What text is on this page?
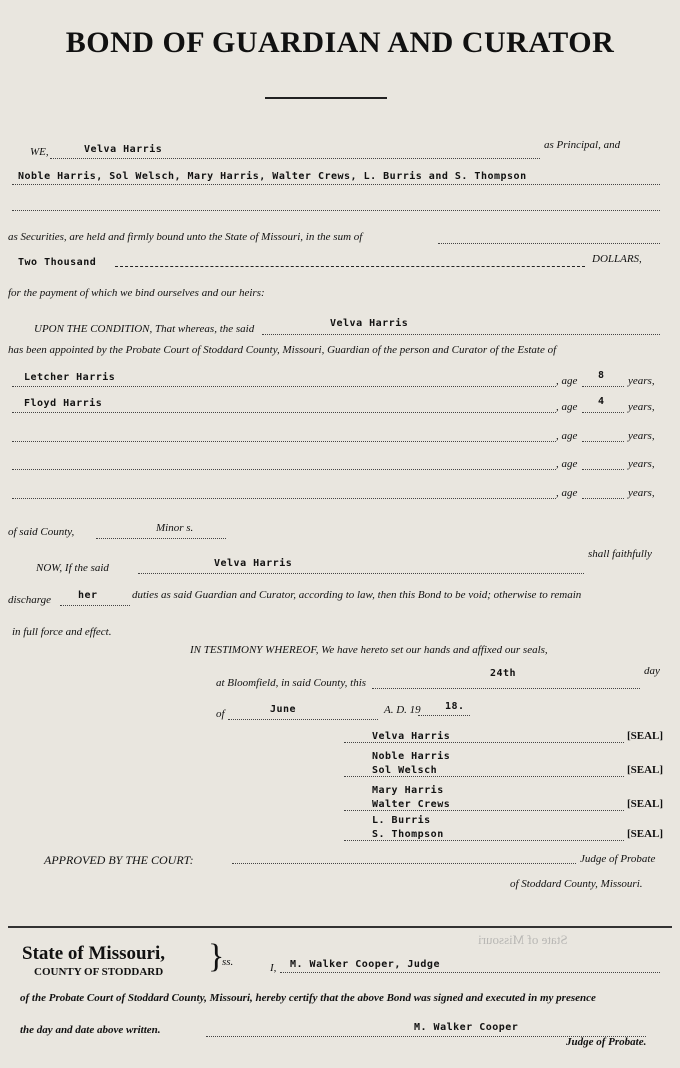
BOND OF GUARDIAN AND CURATOR
WE,	Velva Harris	as Principal, and
Noble Harris, Sol Welsch, Mary Harris, Walter Crews, L. Burris and S. Thompson
as Securities, are held and firmly bound unto the State of Missouri, in the sum of
Two Thousand	DOLLARS,
for the payment of which we bind ourselves and our heirs:
UPON THE CONDITION, That whereas, the said	Velva Harris
has been appointed by the Probate Court of Stoddard County, Missouri, Guardian of the person and Curator of the Estate of
Letcher Harris	, age 8 years,
Floyd Harris	, age 4 years,
, age	years,
, age	years,
, age	years,
of said County,	Minor s.
NOW, If the said	Velva Harris
shall faithfully
discharge	her	duties as said Guardian and Curator, according to law, then this Bond to be void; otherwise to remain
in full force and effect.
IN TESTIMONY WHEREOF, We have hereto set our hands and affixed our seals,
at Bloomfield, in said County, this
24th	day
of	June	A. D. 19 18.
Velva Harris	[SEAL]
Noble Harris
Sol Welsch	[SEAL]
Mary Harris
Walter Crews	[SEAL]
L. Burris
S. Thompson	[SEAL]
APPROVED BY THE COURT:	Judge of Probate
of Stoddard County, Missouri.
State of Missouri,
COUNTY OF STODDARD }
ss.	I, M. Walker Cooper, Judge
State of Missouri
of the Probate Court of Stoddard County, Missouri, hereby certify that the above Bond was signed and executed in my presence
the day and date above written.	M. Walker Cooper
Judge of Probate.
